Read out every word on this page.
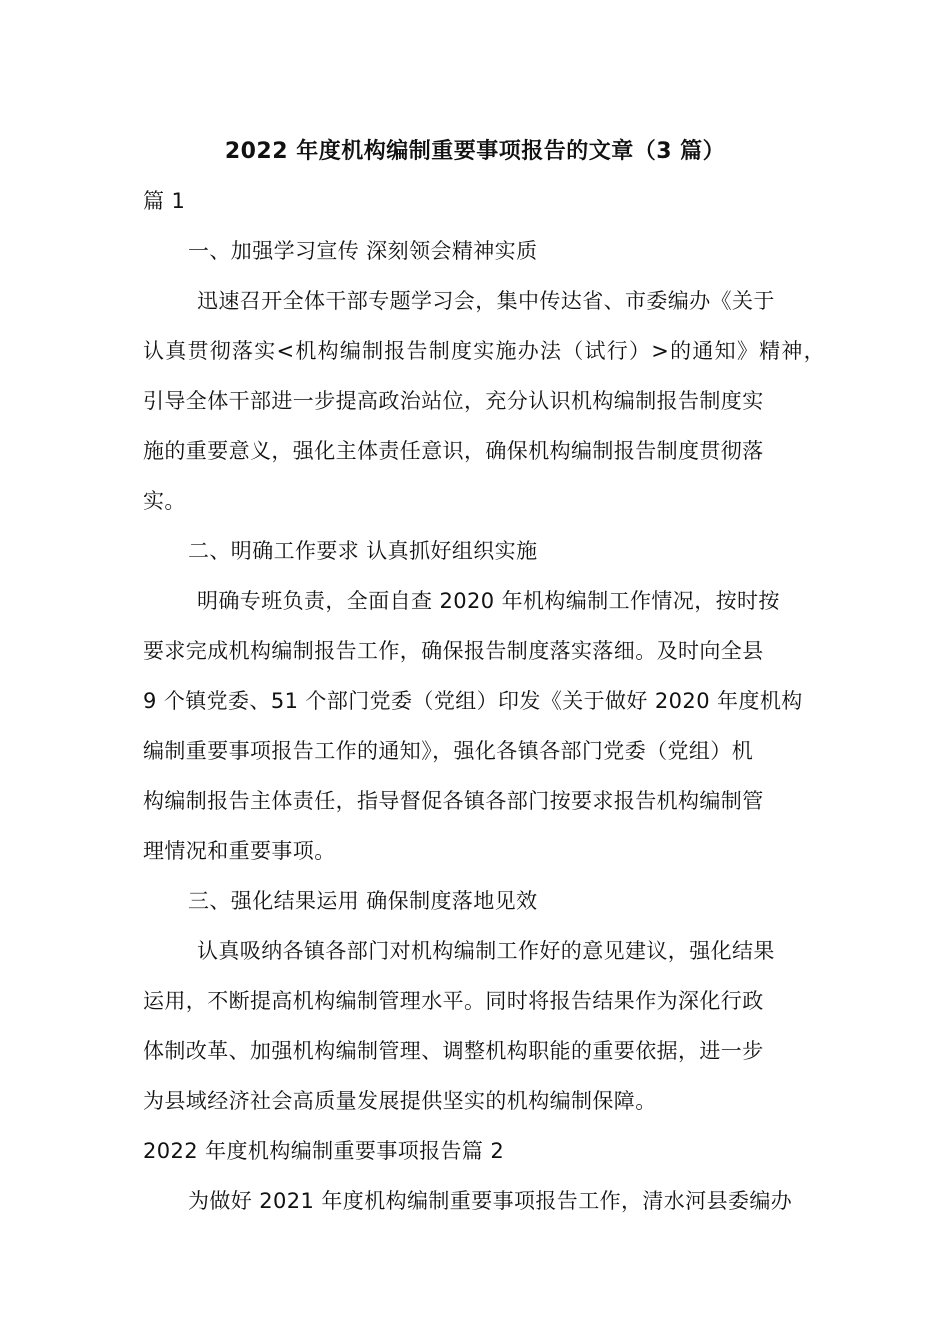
2022 年度机构编制重要事项报告的文章（3 篇）
篇 1
一、加强学习宣传 深刻领会精神实质
迅速召开全体干部专题学习会，集中传达省、市委编办《关于
认真贯彻落实<机构编制报告制度实施办法（试行）>的通知》精神，
引导全体干部进一步提高政治站位，充分认识机构编制报告制度实
施的重要意义，强化主体责任意识，确保机构编制报告制度贯彻落
实。
二、明确工作要求 认真抓好组织实施
明确专班负责，全面自查 2020 年机构编制工作情况，按时按
要求完成机构编制报告工作，确保报告制度落实落细。及时向全县
9 个镇党委、51 个部门党委（党组）印发《关于做好 2020 年度机构
编制重要事项报告工作的通知》，强化各镇各部门党委（党组）机
构编制报告主体责任，指导督促各镇各部门按要求报告机构编制管
理情况和重要事项。
三、强化结果运用 确保制度落地见效
认真吸纳各镇各部门对机构编制工作好的意见建议，强化结果
运用，不断提高机构编制管理水平。同时将报告结果作为深化行政
体制改革、加强机构编制管理、调整机构职能的重要依据，进一步
为县域经济社会高质量发展提供坚实的机构编制保障。
2022 年度机构编制重要事项报告篇 2
为做好 2021 年度机构编制重要事项报告工作，清水河县委编办
